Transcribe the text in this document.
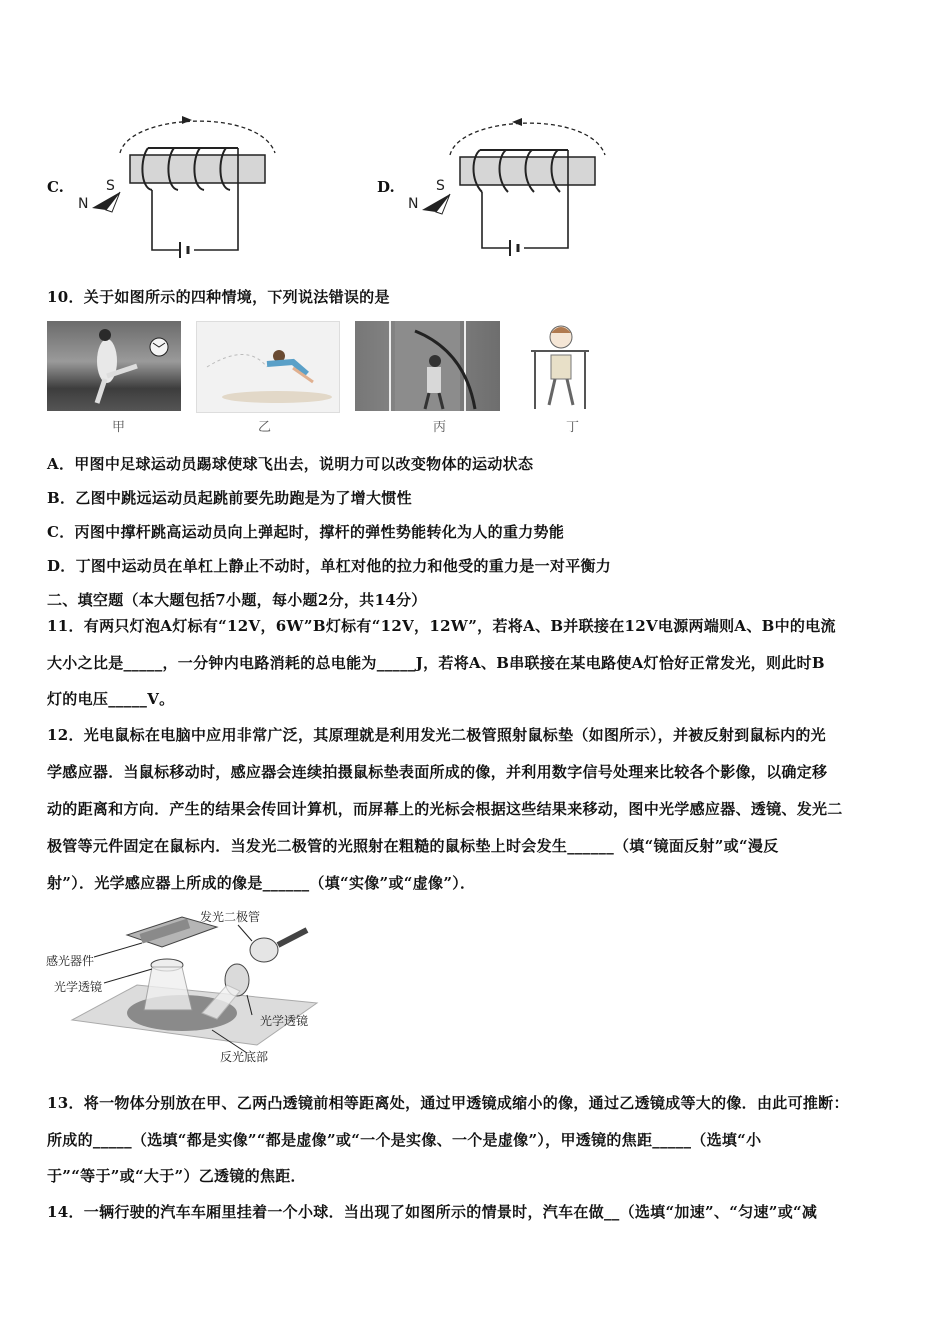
C.	S
N
D.	S
N
10．关于如图所示的四种情境，下列说法错误的是
甲	乙	丙	丁
A．甲图中足球运动员踢球使球飞出去，说明力可以改变物体的运动状态
B．乙图中跳远运动员起跳前要先助跑是为了增大惯性
C．丙图中撑杆跳高运动员向上弹起时，撑杆的弹性势能转化为人的重力势能
D．丁图中运动员在单杠上静止不动时，单杠对他的拉力和他受的重力是一对平衡力
二、填空题（本大题包括7小题，每小题2分，共14分）
11．有两只灯泡A灯标有“12V，6W”B灯标有“12V，12W”，若将A、B并联接在12V电源两端则A、B中的电流
大小之比是_____，一分钟内电路消耗的总电能为_____J，若将A、B串联接在某电路使A灯恰好正常发光，则此时B
灯的电压_____V。
12．光电鼠标在电脑中应用非常广泛，其原理就是利用发光二极管照射鼠标垫（如图所示），并被反射到鼠标内的光
学感应器．当鼠标移动时，感应器会连续拍摄鼠标垫表面所成的像，并利用数字信号处理来比较各个影像，以确定移
动的距离和方向．产生的结果会传回计算机，而屏幕上的光标会根据这些结果来移动，图中光学感应器、透镜、发光二
极管等元件固定在鼠标内．当发光二极管的光照射在粗糙的鼠标垫上时会发生______（填“镜面反射”或“漫反
射”）．光学感应器上所成的像是______（填“实像”或“虚像”）．
发光二极管
感光器件
光学透镜
光学透镜
反光底部
13．将一物体分别放在甲、乙两凸透镜前相等距离处，通过甲透镜成缩小的像，通过乙透镜成等大的像．由此可推断：
所成的_____（选填“都是实像”“都是虚像”或“一个是实像、一个是虚像”），甲透镜的焦距_____（选填“小
于”“等于”或“大于”）乙透镜的焦距．
14．一辆行驶的汽车车厢里挂着一个小球．当出现了如图所示的情景时，汽车在做__（选填“加速”、“匀速”或“减
